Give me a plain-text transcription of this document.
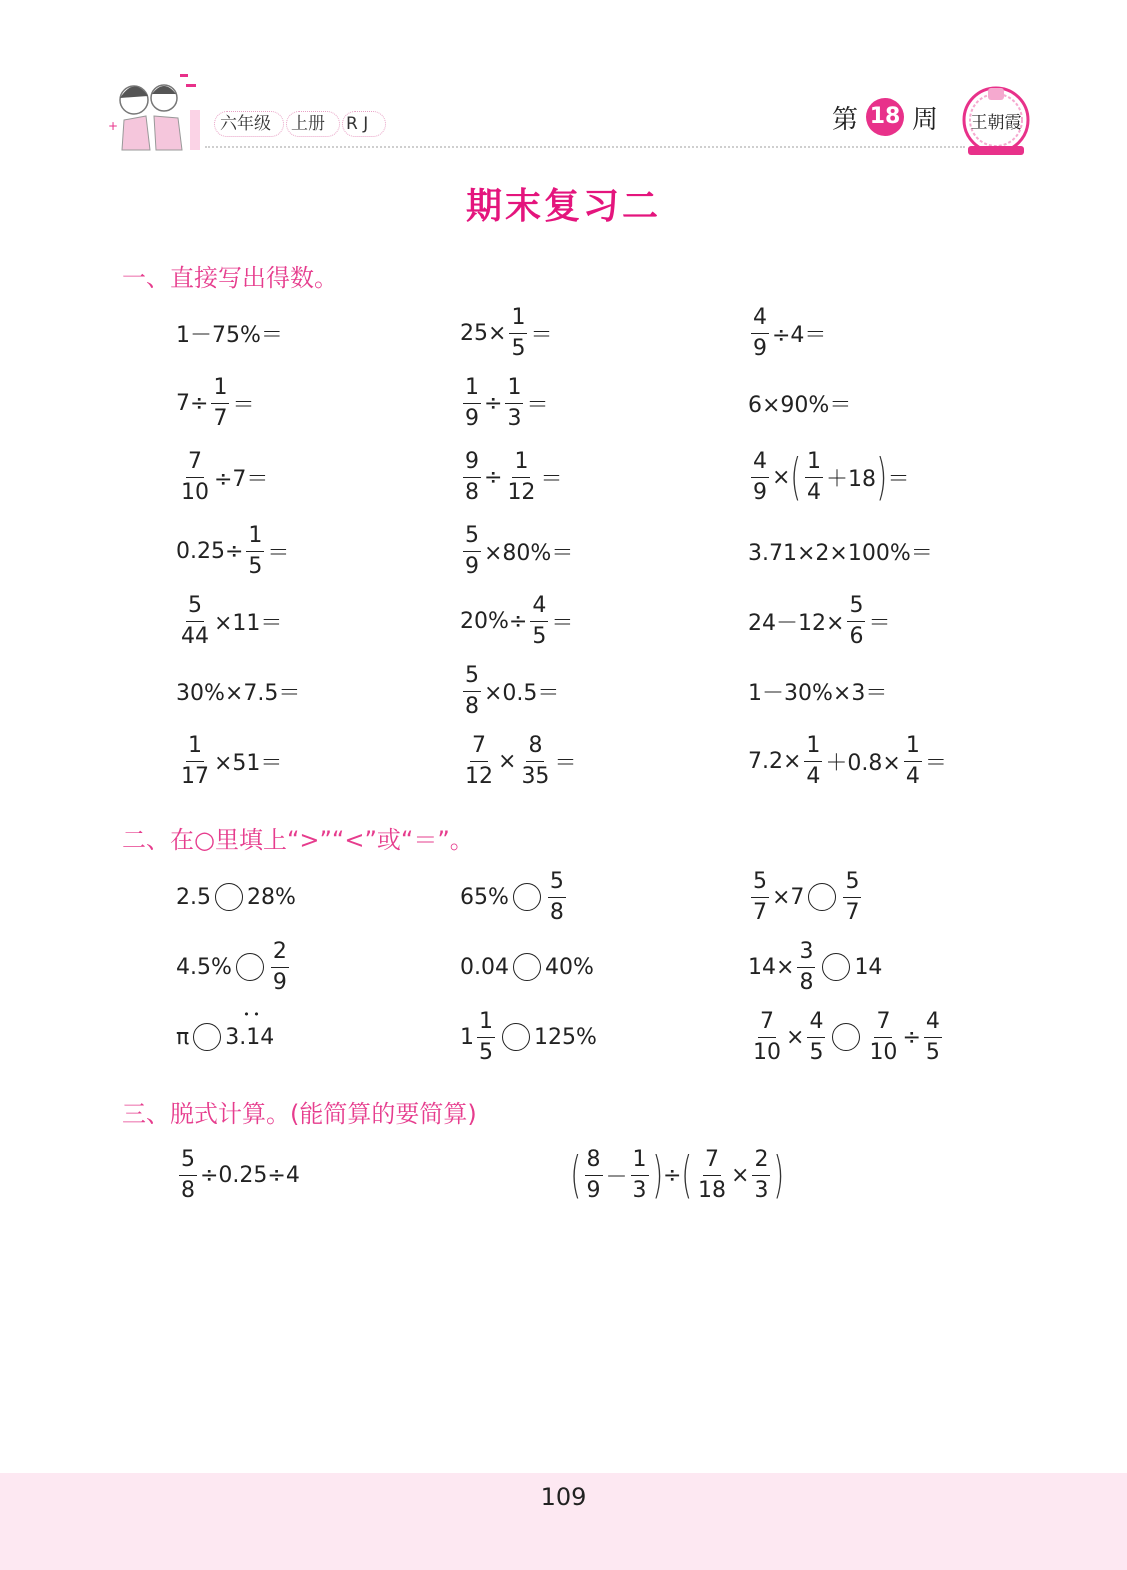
+	六年级 上册 R J	第 18 周 王朝霞
期末复习二
一、直接写出得数。
1－75%＝	$25\times \frac{1}{5}$ ＝	$\frac{4}{9} \div 4=$
$7\div \frac{1}{7}$ ＝	$\frac{1}{9} \div \frac{1}{3}$ ＝	6×90%＝
$\frac{7}{10} \div 7=$	$\frac{9}{8} \div \frac{1}{12}$ ＝	$\frac{4}{9}$ × ( $\frac{1}{4} +18$ ) ＝
$0.25\div \frac{1}{5}$ ＝	$\frac{5}{9} \times 80\%=$	3.71×2×100%＝
$\frac{5}{44} \times 11=$	$20\%\div \frac{4}{5}$ ＝	$24-12\times \frac{5}{6}$ ＝
30%×7.5＝	$\frac{5}{8} \times 0.5=$	1－30%×3＝
$\frac{1}{17} \times 51=$	$\frac{7}{12} \times \frac{8}{35}$ ＝	$7.2\times \frac{1}{4} +0.8\times \frac{1}{4}$ ＝
二、在○里填上“>”“<”或“＝”。
2.5 28%	$65\% \frac{5}{8}$	$\frac{5}{7} \times 7 \frac{5}{7}$
$4.5\% \frac{2}{9}$	0.04 40%	$14\times \frac{3}{8} 14$
π
• • 3.14	$1 \frac{1}{5} 125\%$	$\frac{7}{10} \times \frac{4}{5} \frac{7}{10} \div \frac{4}{5}$
三、脱式计算。(能简算的要简算)
$\frac{5}{8} \div 0.25\div 4$	( $\frac{8}{9} - \frac{1}{3}$ ) ÷ ( $\frac{7}{18} \times \frac{2}{3}$ )
109
